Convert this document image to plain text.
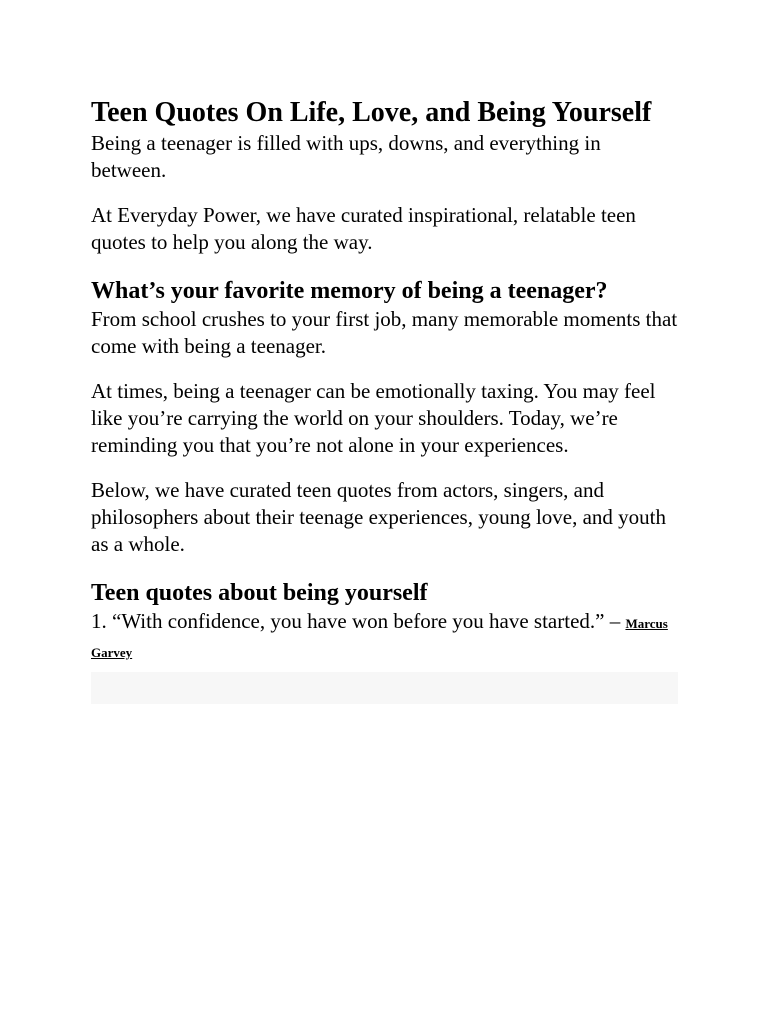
Teen Quotes On Life, Love, and Being Yourself

Being a teenager is filled with ups, downs, and everything in between.

At Everyday Power, we have curated inspirational, relatable teen quotes to help you along the way.

What’s your favorite memory of being a teenager?

From school crushes to your first job, many memorable moments that come with being a teenager.

At times, being a teenager can be emotionally taxing. You may feel like you’re carrying the world on your shoulders. Today, we’re reminding you that you’re not alone in your experiences.

Below, we have curated teen quotes from actors, singers, and philosophers about their teenage experiences, young love, and youth as a whole.

Teen quotes about being yourself

1. “With confidence, you have won before you have started.” – Marcus Garvey
